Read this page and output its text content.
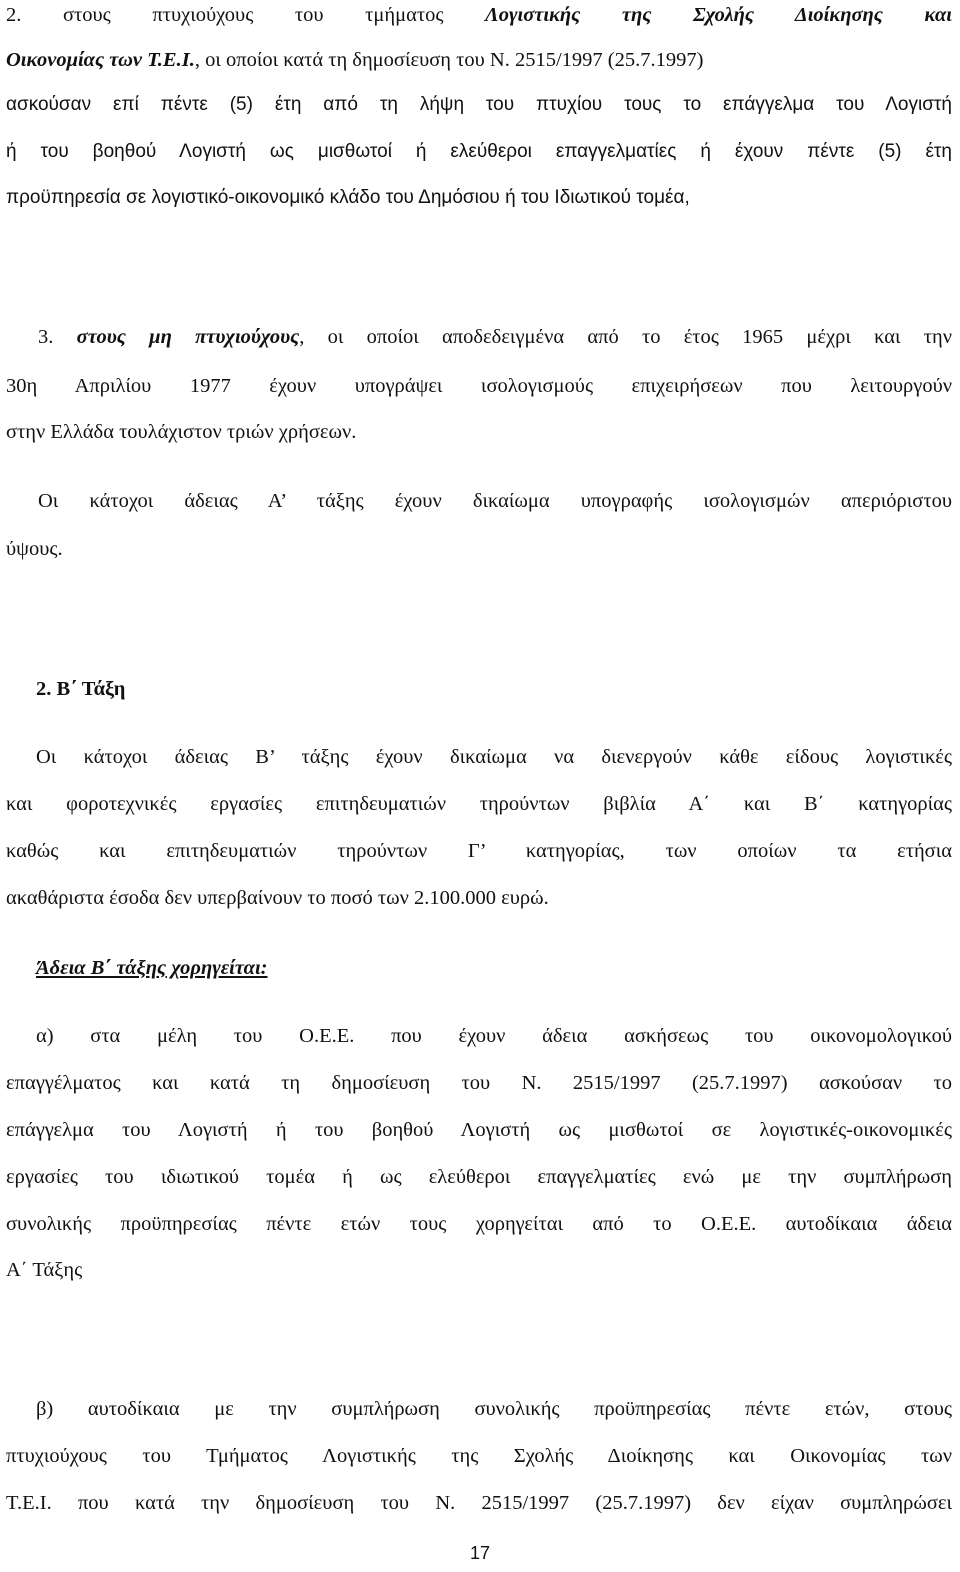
2. στους πτυχιούχους του τμήματος Λογιστικής της Σχολής Διοίκησης και
Οικονομίας των Τ.Ε.Ι., οι οποίοι κατά τη δημοσίευση του Ν. 2515/1997 (25.7.1997)
ασκούσαν επί πέντε (5) έτη από τη λήψη του πτυχίου τους το επάγγελμα του Λογιστή
ή του βοηθού Λογιστή ως μισθωτοί ή ελεύθεροι επαγγελματίες ή έχουν πέντε (5) έτη
προϋπηρεσία σε λογιστικό-οικονομικό κλάδο του Δημόσιου ή του Ιδιωτικού τομέα,
3. στους μη πτυχιούχους, οι οποίοι αποδεδειγμένα από το έτος 1965 μέχρι και την
30η Απριλίου 1977 έχουν υπογράψει ισολογισμούς επιχειρήσεων που λειτουργούν
στην Ελλάδα τουλάχιστον τριών χρήσεων.
Οι κάτοχοι άδειας Α’ τάξης έχουν δικαίωμα υπογραφής ισολογισμών απεριόριστου
ύψους.
2. Β΄ Τάξη
Οι κάτοχοι άδειας Β’ τάξης έχουν δικαίωμα να διενεργούν κάθε είδους λογιστικές
και φοροτεχνικές εργασίες επιτηδευματιών τηρούντων βιβλία Α΄ και Β΄ κατηγορίας
καθώς και επιτηδευματιών τηρούντων Γ’ κατηγορίας, των οποίων τα ετήσια
ακαθάριστα έσοδα δεν υπερβαίνουν το ποσό των 2.100.000 ευρώ.
Άδεια Β΄ τάξης χορηγείται:
α) στα μέλη του Ο.Ε.Ε. που έχουν άδεια ασκήσεως του οικονομολογικού
επαγγέλματος και κατά τη δημοσίευση του Ν. 2515/1997 (25.7.1997) ασκούσαν το
επάγγελμα του Λογιστή ή του βοηθού Λογιστή ως μισθωτοί σε λογιστικές-οικονομικές
εργασίες του ιδιωτικού τομέα ή ως ελεύθεροι επαγγελματίες ενώ με την συμπλήρωση
συνολικής προϋπηρεσίας πέντε ετών τους χορηγείται από το Ο.Ε.Ε. αυτοδίκαια άδεια
Α΄ Τάξης
β) αυτοδίκαια με την συμπλήρωση συνολικής προϋπηρεσίας πέντε ετών, στους
πτυχιούχους του Τμήματος Λογιστικής της Σχολής Διοίκησης και Οικονομίας των
Τ.Ε.Ι. που κατά την δημοσίευση του Ν. 2515/1997 (25.7.1997) δεν είχαν συμπληρώσει
17
